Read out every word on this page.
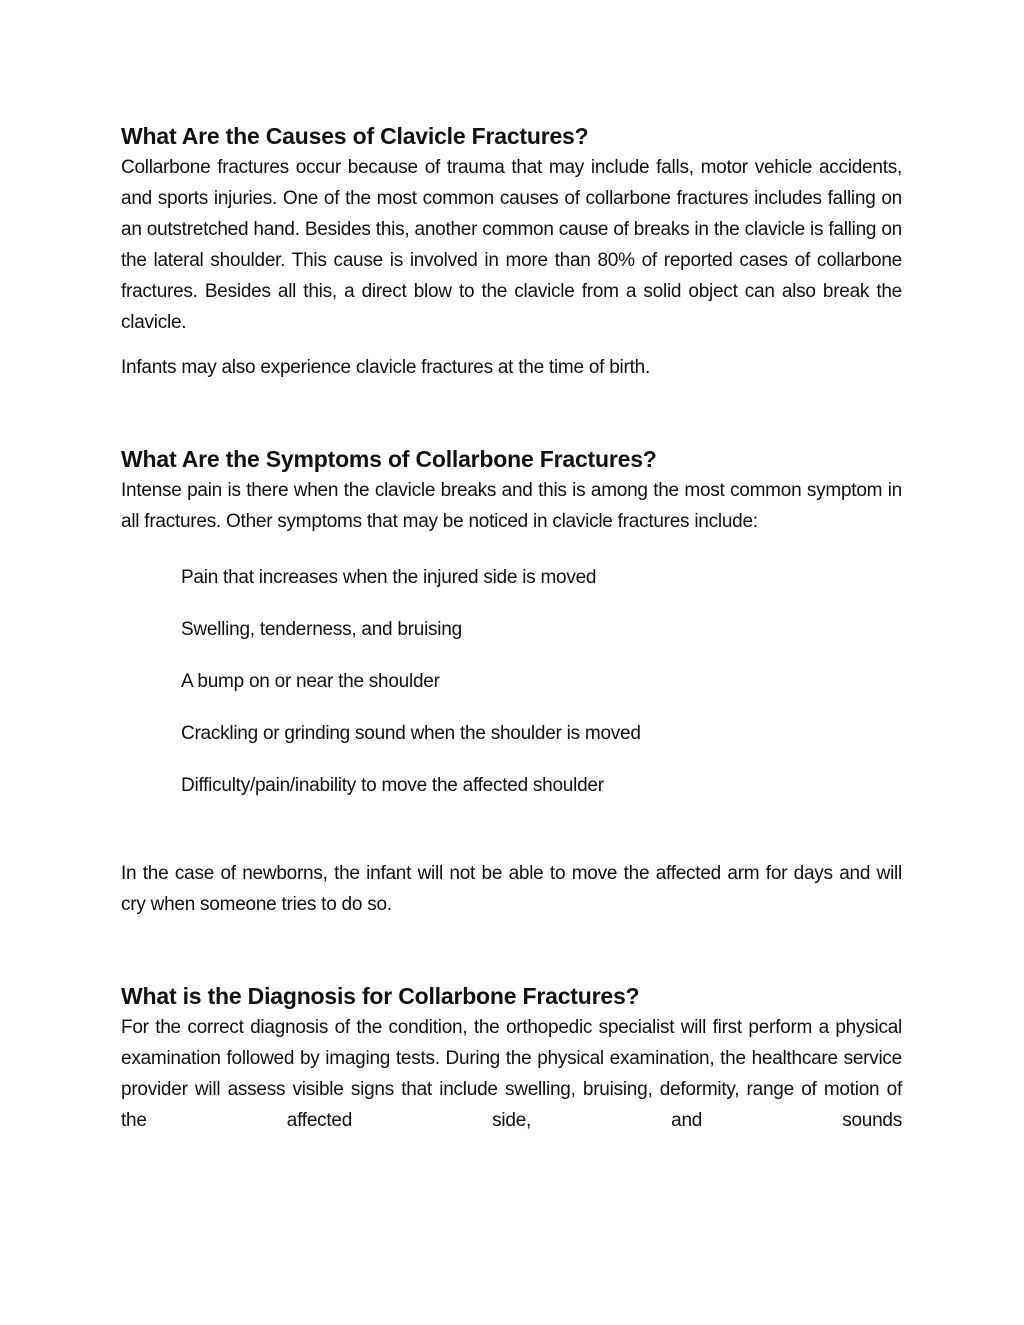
What Are the Causes of Clavicle Fractures?

Collarbone fractures occur because of trauma that may include falls, motor vehicle accidents, and sports injuries. One of the most common causes of collarbone fractures includes falling on an outstretched hand. Besides this, another common cause of breaks in the clavicle is falling on the lateral shoulder. This cause is involved in more than 80% of reported cases of collarbone fractures. Besides all this, a direct blow to the clavicle from a solid object can also break the clavicle.

Infants may also experience clavicle fractures at the time of birth.

What Are the Symptoms of Collarbone Fractures?

Intense pain is there when the clavicle breaks and this is among the most common symptom in all fractures. Other symptoms that may be noticed in clavicle fractures include:

Pain that increases when the injured side is moved
Swelling, tenderness, and bruising
A bump on or near the shoulder
Crackling or grinding sound when the shoulder is moved
Difficulty/pain/inability to move the affected shoulder

In the case of newborns, the infant will not be able to move the affected arm for days and will cry when someone tries to do so.

What is the Diagnosis for Collarbone Fractures?

For the correct diagnosis of the condition, the orthopedic specialist will first perform a physical examination followed by imaging tests. During the physical examination, the healthcare service provider will assess visible signs that include swelling, bruising, deformity, range of motion of the affected side, and sounds
